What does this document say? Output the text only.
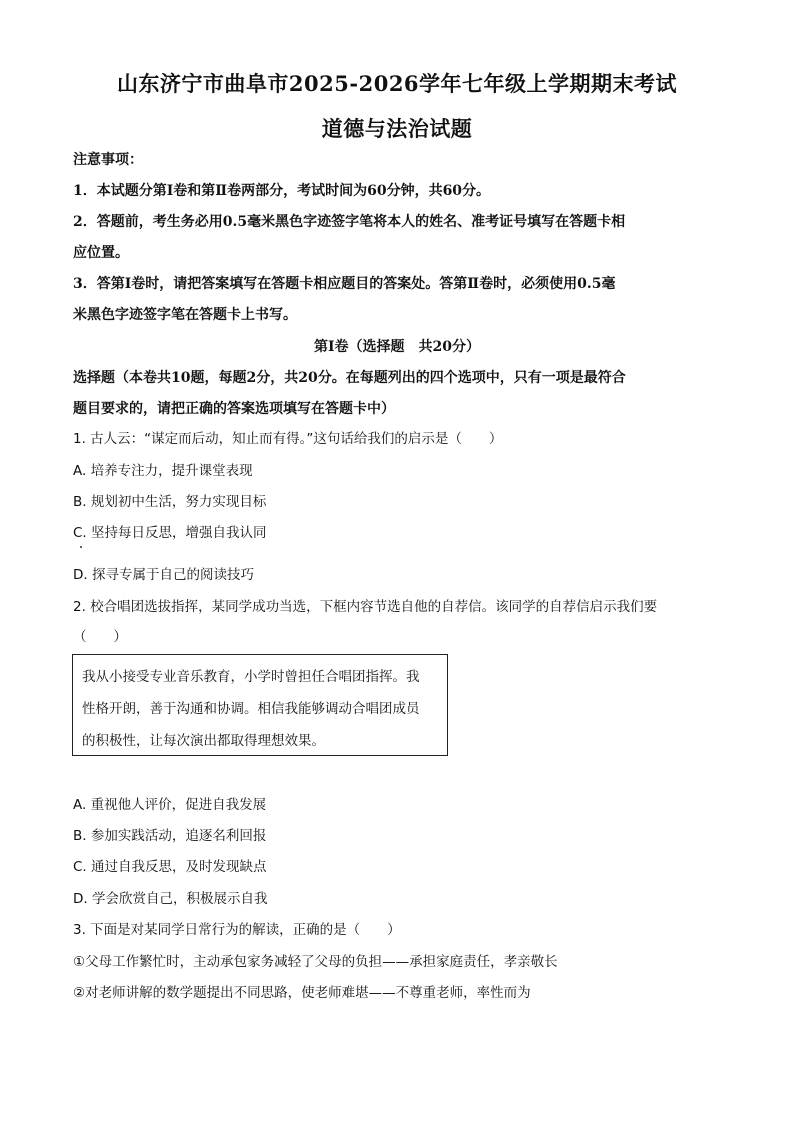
山东济宁市曲阜市2025-2026学年七年级上学期期末考试
道德与法治试题
注意事项：
1．本试题分第Ⅰ卷和第Ⅱ卷两部分，考试时间为60分钟，共60分。
2．答题前，考生务必用0.5毫米黑色字迹签字笔将本人的姓名、准考证号填写在答题卡相
应位置。
3．答第Ⅰ卷时，请把答案填写在答题卡相应题目的答案处。答第Ⅱ卷时，必须使用0.5毫
米黑色字迹签字笔在答题卡上书写。
第Ⅰ卷（选择题　共20分）
选择题（本卷共10题，每题2分，共20分。在每题列出的四个选项中，只有一项是最符合
题目要求的，请把正确的答案选项填写在答题卡中）
1. 古人云：“谋定而后动，知止而有得。”这句话给我们的启示是（　　）
A. 培养专注力，提升课堂表现
B. 规划初中生活，努力实现目标
C. 坚持每日反思，增强自我认同
D. 探寻专属于自己的阅读技巧
2. 校合唱团选拔指挥，某同学成功当选，下框内容节选自他的自荐信。该同学的自荐信启示我们要
（　　）
我从小接受专业音乐教育，小学时曾担任合唱团指挥。我
性格开朗，善于沟通和协调。相信我能够调动合唱团成员
的积极性，让每次演出都取得理想效果。
A. 重视他人评价，促进自我发展
B. 参加实践活动，追逐名利回报
C. 通过自我反思，及时发现缺点
D. 学会欣赏自己，积极展示自我
3. 下面是对某同学日常行为的解读，正确的是（　　）
①父母工作繁忙时，主动承包家务减轻了父母的负担——承担家庭责任，孝亲敬长
②对老师讲解的数学题提出不同思路，使老师难堪——不尊重老师，率性而为
